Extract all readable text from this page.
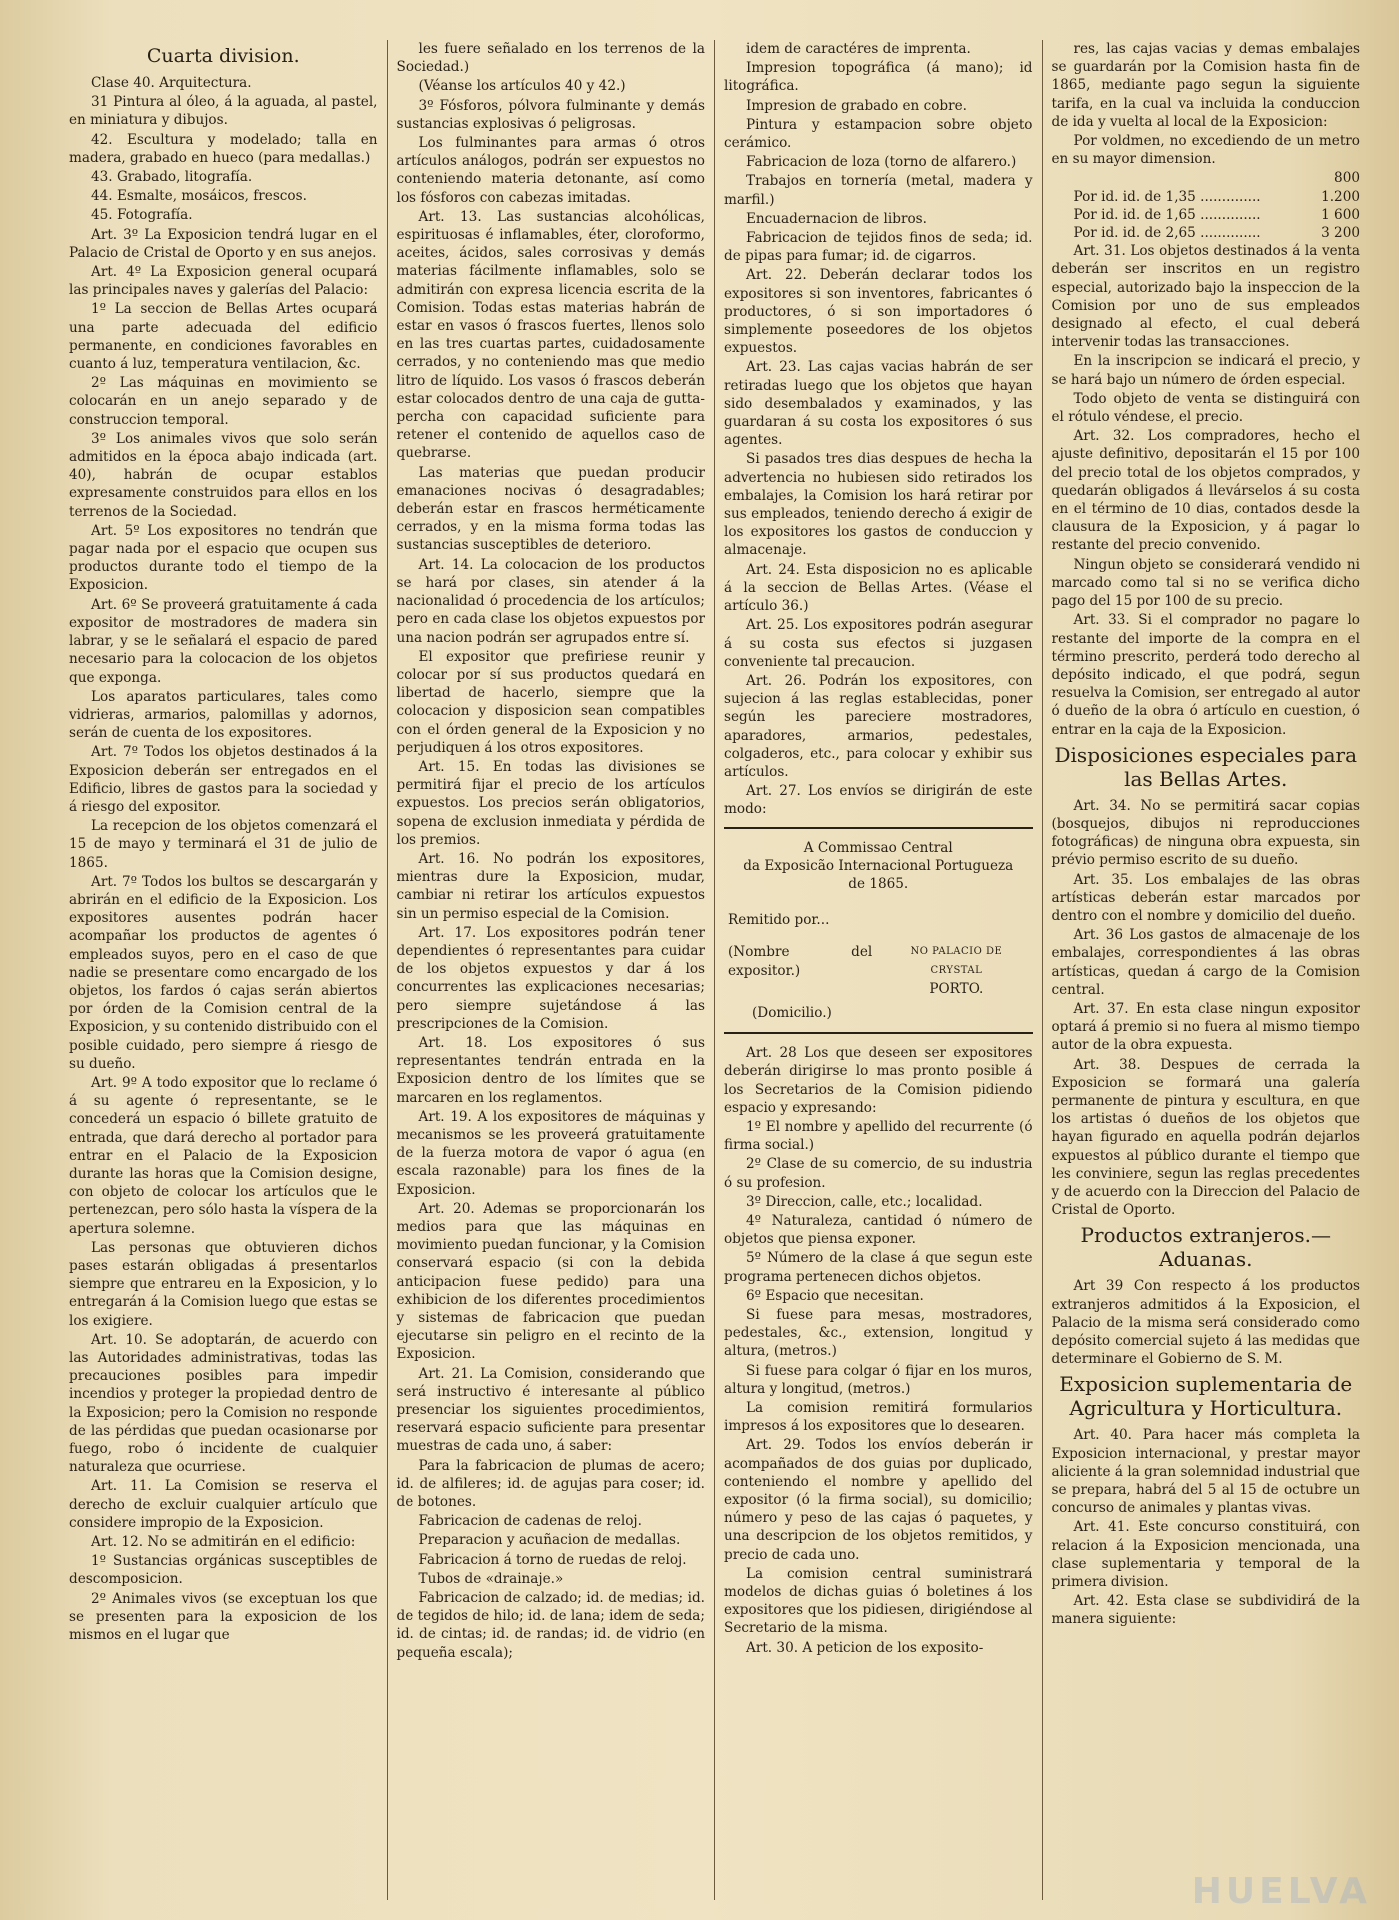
Cuarta division.

Clase 40. Arquitectura.

31 Pintura al óleo, á la aguada, al pastel, en miniatura y dibujos.

42. Escultura y modelado; talla en madera, grabado en hueco (para medallas.)

43. Grabado, litografía.

44. Esmalte, mosáicos, frescos.

45. Fotografía.

Art. 3º La Exposicion tendrá lugar en el Palacio de Cristal de Oporto y en sus anejos.

Art. 4º La Exposicion general ocupará las principales naves y galerías del Palacio:

1º La seccion de Bellas Artes ocupará una parte adecuada del edificio permanente, en condiciones favorables en cuanto á luz, temperatura ventilacion, &c.

2º Las máquinas en movimiento se colocarán en un anejo separado y de construccion temporal.

3º Los animales vivos que solo serán admitidos en la época abajo indicada (art. 40), habrán de ocupar establos expresamente construidos para ellos en los terrenos de la Sociedad.

Art. 5º Los expositores no tendrán que pagar nada por el espacio que ocupen sus productos durante todo el tiempo de la Exposicion.

Art. 6º Se proveerá gratuitamente á cada expositor de mostradores de madera sin labrar, y se le señalará el espacio de pared necesario para la colocacion de los objetos que exponga.

Los aparatos particulares, tales como vidrieras, armarios, palomillas y adornos, serán de cuenta de los expositores.

Art. 7º Todos los objetos destinados á la Exposicion deberán ser entregados en el Edificio, libres de gastos para la sociedad y á riesgo del expositor.

La recepcion de los objetos comenzará el 15 de mayo y terminará el 31 de julio de 1865.

Art. 7º Todos los bultos se descargarán y abrirán en el edificio de la Exposicion. Los expositores ausentes podrán hacer acompañar los productos de agentes ó empleados suyos, pero en el caso de que nadie se presentare como encargado de los objetos, los fardos ó cajas serán abiertos por órden de la Comision central de la Exposicion, y su contenido distribuido con el posible cuidado, pero siempre á riesgo de su dueño.

Art. 9º A todo expositor que lo reclame ó á su agente ó representante, se le concederá un espacio ó billete gratuito de entrada, que dará derecho al portador para entrar en el Palacio de la Exposicion durante las horas que la Comision designe, con objeto de colocar los artículos que le pertenezcan, pero sólo hasta la víspera de la apertura solemne.

Las personas que obtuvieren dichos pases estarán obligadas á presentarlos siempre que entrareu en la Exposicion, y lo entregarán á la Comision luego que estas se los exigiere.

Art. 10. Se adoptarán, de acuerdo con las Autoridades administrativas, todas las precauciones posibles para impedir incendios y proteger la propiedad dentro de la Exposicion; pero la Comision no responde de las pérdidas que puedan ocasionarse por fuego, robo ó incidente de cualquier naturaleza que ocurriese.

Art. 11. La Comision se reserva el derecho de excluir cualquier artículo que considere impropio de la Exposicion.

Art. 12. No se admitirán en el edificio:

1º Sustancias orgánicas susceptibles de descomposicion.

2º Animales vivos (se exceptuan los que se presenten para la exposicion de los mismos en el lugar que

les fuere señalado en los terrenos de la Sociedad.)

(Véanse los artículos 40 y 42.)

3º Fósforos, pólvora fulminante y demás sustancias explosivas ó peligrosas.

Los fulminantes para armas ó otros artículos análogos, podrán ser expuestos no conteniendo materia detonante, así como los fósforos con cabezas imitadas.

Art. 13. Las sustancias alcohólicas, espirituosas é inflamables, éter, cloroformo, aceites, ácidos, sales corrosivas y demás materias fácilmente inflamables, solo se admitirán con expresa licencia escrita de la Comision. Todas estas materias habrán de estar en vasos ó frascos fuertes, llenos solo en las tres cuartas partes, cuidadosamente cerrados, y no conteniendo mas que medio litro de líquido. Los vasos ó frascos deberán estar colocados dentro de una caja de gutta-percha con capacidad suficiente para retener el contenido de aquellos caso de quebrarse.

Las materias que puedan producir emanaciones nocivas ó desagradables; deberán estar en frascos herméticamente cerrados, y en la misma forma todas las sustancias susceptibles de deterioro.

Art. 14. La colocacion de los productos se hará por clases, sin atender á la nacionalidad ó procedencia de los artículos; pero en cada clase los objetos expuestos por una nacion podrán ser agrupados entre sí.

El expositor que prefiriese reunir y colocar por sí sus productos quedará en libertad de hacerlo, siempre que la colocacion y disposicion sean compatibles con el órden general de la Exposicion y no perjudiquen á los otros expositores.

Art. 15. En todas las divisiones se permitirá fijar el precio de los artículos expuestos. Los precios serán obligatorios, sopena de exclusion inmediata y pérdida de los premios.

Art. 16. No podrán los expositores, mientras dure la Exposicion, mudar, cambiar ni retirar los artículos expuestos sin un permiso especial de la Comision.

Art. 17. Los expositores podrán tener dependientes ó representantes para cuidar de los objetos expuestos y dar á los concurrentes las explicaciones necesarias; pero siempre sujetándose á las prescripciones de la Comision.

Art. 18. Los expositores ó sus representantes tendrán entrada en la Exposicion dentro de los límites que se marcaren en los reglamentos.

Art. 19. A los expositores de máquinas y mecanismos se les proveerá gratuitamente de la fuerza motora de vapor ó agua (en escala razonable) para los fines de la Exposicion.

Art. 20. Ademas se proporcionarán los medios para que las máquinas en movimiento puedan funcionar, y la Comision conservará espacio (si con la debida anticipacion fuese pedido) para una exhibicion de los diferentes procedimientos y sistemas de fabricacion que puedan ejecutarse sin peligro en el recinto de la Exposicion.

Art. 21. La Comision, considerando que será instructivo é interesante al público presenciar los siguientes procedimientos, reservará espacio suficiente para presentar muestras de cada uno, á saber:

Para la fabricacion de plumas de acero; id. de alfileres; id. de agujas para coser; id. de botones.

Fabricacion de cadenas de reloj.

Preparacion y acuñacion de medallas.

Fabricacion á torno de ruedas de reloj.

Tubos de «drainaje.»

Fabricacion de calzado; id. de medias; id. de tegidos de hilo; id. de lana; idem de seda; id. de cintas; id. de randas; id. de vidrio (en pequeña escala);

idem de caractéres de imprenta.

Impresion topográfica (á mano); id litográfica.

Impresion de grabado en cobre.

Pintura y estampacion sobre objeto cerámico.

Fabricacion de loza (torno de alfarero.)

Trabajos en tornería (metal, madera y marfil.)

Encuadernacion de libros.

Fabricacion de tejidos finos de seda; id. de pipas para fumar; id. de cigarros.

Art. 22. Deberán declarar todos los expositores si son inventores, fabricantes ó productores, ó si son importadores ó simplemente poseedores de los objetos expuestos.

Art. 23. Las cajas vacias habrán de ser retiradas luego que los objetos que hayan sido desembalados y examinados, y las guardaran á su costa los expositores ó sus agentes.

Si pasados tres dias despues de hecha la advertencia no hubiesen sido retirados los embalajes, la Comision los hará retirar por sus empleados, teniendo derecho á exigir de los expositores los gastos de conduccion y almacenaje.

Art. 24. Esta disposicion no es aplicable á la seccion de Bellas Artes. (Véase el artículo 36.)

Art. 25. Los expositores podrán asegurar á su costa sus efectos si juzgasen conveniente tal precaucion.

Art. 26. Podrán los expositores, con sujecion á las reglas establecidas, poner según les pareciere mostradores, aparadores, armarios, pedestales, colgaderos, etc., para colocar y exhibir sus artículos.

Art. 27. Los envíos se dirigirán de este modo:

A Commissao Central
da Exposicão Internacional Portugueza
de 1865.
Remitido por...
(Nombre del expositor.)
NO PALACIO DE CRYSTAL
PORTO.
(Domicilio.)

Art. 28 Los que deseen ser expositores deberán dirigirse lo mas pronto posible á los Secretarios de la Comision pidiendo espacio y expresando:

1º El nombre y apellido del recurrente (ó firma social.)

2º Clase de su comercio, de su industria ó su profesion.

3º Direccion, calle, etc.; localidad.

4º Naturaleza, cantidad ó número de objetos que piensa exponer.

5º Número de la clase á que segun este programa pertenecen dichos objetos.

6º Espacio que necesitan.

Si fuese para mesas, mostradores, pedestales, &c., extension, longitud y altura, (metros.)

Si fuese para colgar ó fijar en los muros, altura y longitud, (metros.)

La comision remitirá formularios impresos á los expositores que lo desearen.

Art. 29. Todos los envíos deberán ir acompañados de dos guias por duplicado, conteniendo el nombre y apellido del expositor (ó la firma social), su domicilio; número y peso de las cajas ó paquetes, y una descripcion de los objetos remitidos, y precio de cada uno.

La comision central suministrará modelos de dichas guias ó boletines á los expositores que los pidiesen, dirigiéndose al Secretario de la misma.

Art. 30. A peticion de los exposito-

res, las cajas vacias y demas embalajes se guardarán por la Comision hasta fin de 1865, mediante pago segun la siguiente tarifa, en la cual va incluida la conduccion de ida y vuelta al local de la Exposicion:

Por voldmen, no excediendo de un metro en su mayor dimension.

800
Por id. id. de 1,35 ..............	1.200
Por id. id. de 1,65 ..............	1 600
Por id. id. de 2,65 ..............	3 200

Art. 31. Los objetos destinados á la venta deberán ser inscritos en un registro especial, autorizado bajo la inspeccion de la Comision por uno de sus empleados designado al efecto, el cual deberá intervenir todas las transacciones.

En la inscripcion se indicará el precio, y se hará bajo un número de órden especial.

Todo objeto de venta se distinguirá con el rótulo véndese, el precio.

Art. 32. Los compradores, hecho el ajuste definitivo, depositarán el 15 por 100 del precio total de los objetos comprados, y quedarán obligados á llevárselos á su costa en el término de 10 dias, contados desde la clausura de la Exposicion, y á pagar lo restante del precio convenido.

Ningun objeto se considerará vendido ni marcado como tal si no se verifica dicho pago del 15 por 100 de su precio.

Art. 33. Si el comprador no pagare lo restante del importe de la compra en el término prescrito, perderá todo derecho al depósito indicado, el que podrá, segun resuelva la Comision, ser entregado al autor ó dueño de la obra ó artículo en cuestion, ó entrar en la caja de la Exposicion.

Disposiciones especiales para las Bellas Artes.

Art. 34. No se permitirá sacar copias (bosquejos, dibujos ni reproducciones fotográficas) de ninguna obra expuesta, sin prévio permiso escrito de su dueño.

Art. 35. Los embalajes de las obras artísticas deberán estar marcados por dentro con el nombre y domicilio del dueño.

Art. 36 Los gastos de almacenaje de los embalajes, correspondientes á las obras artísticas, quedan á cargo de la Comision central.

Art. 37. En esta clase ningun expositor optará á premio si no fuera al mismo tiempo autor de la obra expuesta.

Art. 38. Despues de cerrada la Exposicion se formará una galería permanente de pintura y escultura, en que los artistas ó dueños de los objetos que hayan figurado en aquella podrán dejarlos expuestos al público durante el tiempo que les conviniere, segun las reglas precedentes y de acuerdo con la Direccion del Palacio de Cristal de Oporto.

Productos extranjeros.— Aduanas.

Art 39 Con respecto á los productos extranjeros admitidos á la Exposicion, el Palacio de la misma será considerado como depósito comercial sujeto á las medidas que determinare el Gobierno de S. M.

Exposicion suplementaria de Agricultura y Horticultura.

Art. 40. Para hacer más completa la Exposicion internacional, y prestar mayor aliciente á la gran solemnidad industrial que se prepara, habrá del 5 al 15 de octubre un concurso de animales y plantas vivas.

Art. 41. Este concurso constituirá, con relacion á la Exposicion mencionada, una clase suplementaria y temporal de la primera division.

Art. 42. Esta clase se subdividirá de la manera siguiente:

HUELVA
